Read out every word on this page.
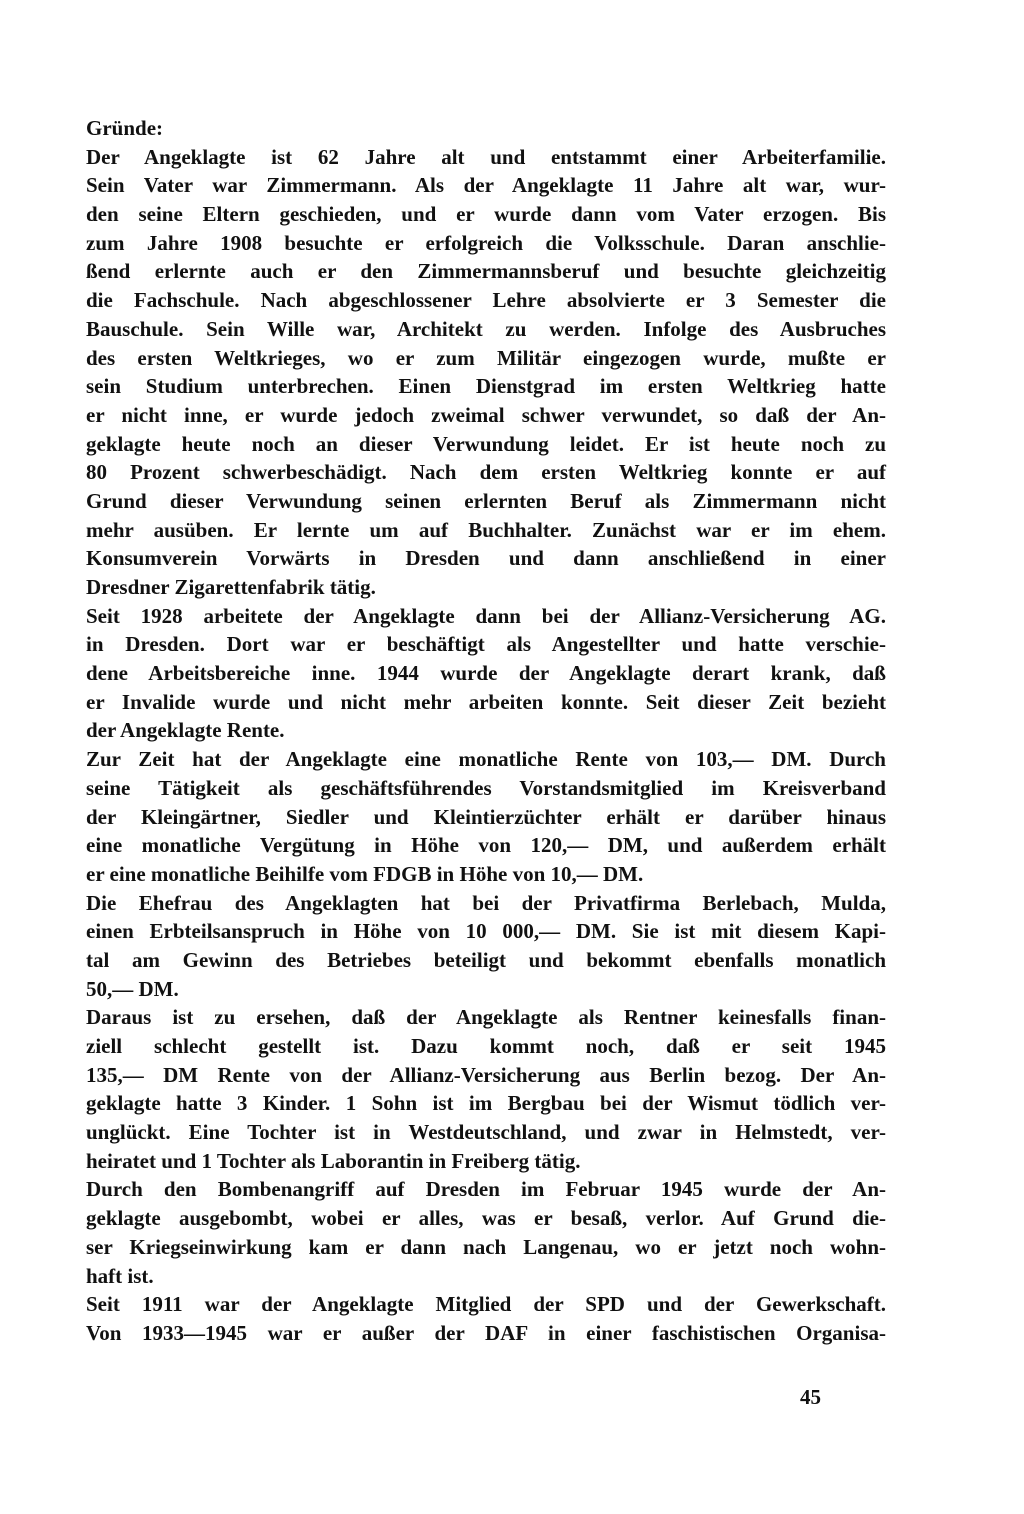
Gründe:

Der Angeklagte ist 62 Jahre alt und entstammt einer Arbeiterfamilie.
Sein Vater war Zimmermann. Als der Angeklagte 11 Jahre alt war, wur-
den seine Eltern geschieden, und er wurde dann vom Vater erzogen. Bis
zum Jahre 1908 besuchte er erfolgreich die Volksschule. Daran anschlie-
ßend erlernte auch er den Zimmermannsberuf und besuchte gleichzeitig
die Fachschule. Nach abgeschlossener Lehre absolvierte er 3 Semester die
Bauschule. Sein Wille war, Architekt zu werden. Infolge des Ausbruches
des ersten Weltkrieges, wo er zum Militär eingezogen wurde, mußte er
sein Studium unterbrechen. Einen Dienstgrad im ersten Weltkrieg hatte
er nicht inne, er wurde jedoch zweimal schwer verwundet, so daß der An-
geklagte heute noch an dieser Verwundung leidet. Er ist heute noch zu
80 Prozent schwerbeschädigt. Nach dem ersten Weltkrieg konnte er auf
Grund dieser Verwundung seinen erlernten Beruf als Zimmermann nicht
mehr ausüben. Er lernte um auf Buchhalter. Zunächst war er im ehem.
Konsumverein Vorwärts in Dresden und dann anschließend in einer
Dresdner Zigarettenfabrik tätig.

Seit 1928 arbeitete der Angeklagte dann bei der Allianz-Versicherung AG.
in Dresden. Dort war er beschäftigt als Angestellter und hatte verschie-
dene Arbeitsbereiche inne. 1944 wurde der Angeklagte derart krank, daß
er Invalide wurde und nicht mehr arbeiten konnte. Seit dieser Zeit bezieht
der Angeklagte Rente.

Zur Zeit hat der Angeklagte eine monatliche Rente von 103,— DM. Durch
seine Tätigkeit als geschäftsführendes Vorstandsmitglied im Kreisverband
der Kleingärtner, Siedler und Kleintierzüchter erhält er darüber hinaus
eine monatliche Vergütung in Höhe von 120,— DM, und außerdem erhält
er eine monatliche Beihilfe vom FDGB in Höhe von 10,— DM.

Die Ehefrau des Angeklagten hat bei der Privatfirma Berlebach, Mulda,
einen Erbteilsanspruch in Höhe von 10 000,— DM. Sie ist mit diesem Kapi-
tal am Gewinn des Betriebes beteiligt und bekommt ebenfalls monatlich
50,— DM.

Daraus ist zu ersehen, daß der Angeklagte als Rentner keinesfalls finan-
ziell schlecht gestellt ist. Dazu kommt noch, daß er seit 1945
135,— DM Rente von der Allianz-Versicherung aus Berlin bezog. Der An-
geklagte hatte 3 Kinder. 1 Sohn ist im Bergbau bei der Wismut tödlich ver-
unglückt. Eine Tochter ist in Westdeutschland, und zwar in Helmstedt, ver-
heiratet und 1 Tochter als Laborantin in Freiberg tätig.

Durch den Bombenangriff auf Dresden im Februar 1945 wurde der An-
geklagte ausgebombt, wobei er alles, was er besaß, verlor. Auf Grund die-
ser Kriegseinwirkung kam er dann nach Langenau, wo er jetzt noch wohn-
haft ist.

Seit 1911 war der Angeklagte Mitglied der SPD und der Gewerkschaft.
Von 1933—1945 war er außer der DAF in einer faschistischen Organisa-

45
